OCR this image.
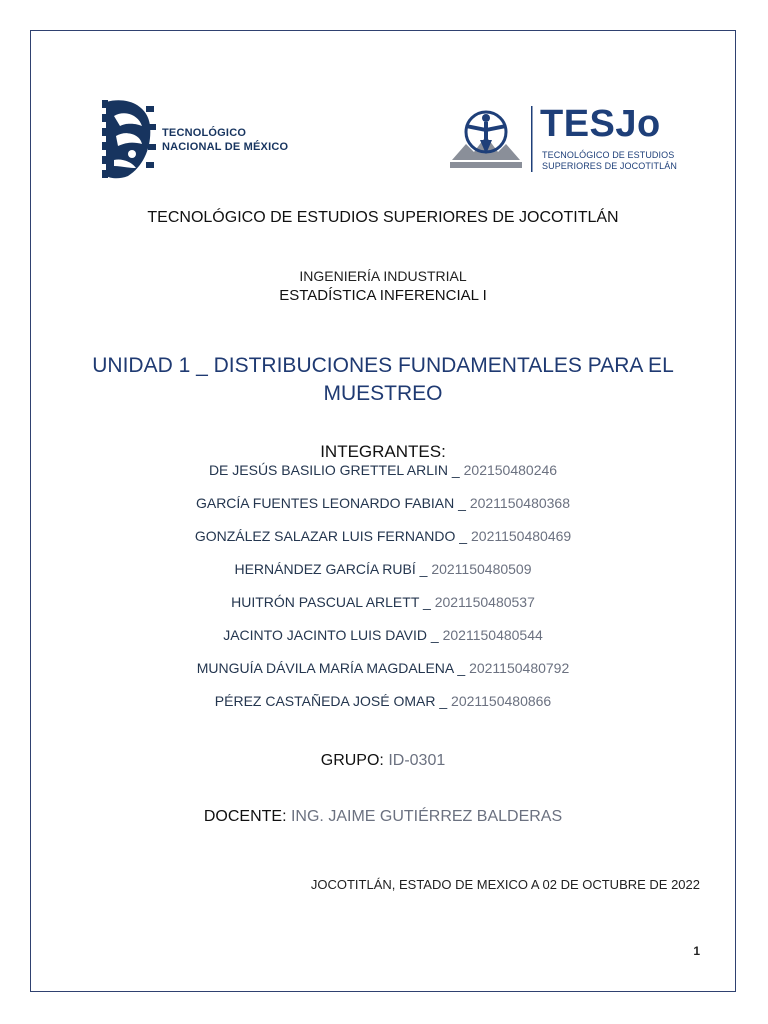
TECNOLÓGICO
NACIONAL DE MÉXICO
TESJo
TECNOLÓGICO DE ESTUDIOS
SUPERIORES DE JOCOTITLÁN
TECNOLÓGICO DE ESTUDIOS SUPERIORES DE JOCOTITLÁN
INGENIERÍA INDUSTRIAL
ESTADÍSTICA INFERENCIAL I
UNIDAD 1 _ DISTRIBUCIONES FUNDAMENTALES PARA EL MUESTREO
INTEGRANTES:
DE JESÚS BASILIO GRETTEL ARLIN _ 202150480246
GARCÍA FUENTES LEONARDO FABIAN _ 2021150480368
GONZÁLEZ SALAZAR LUIS FERNANDO _ 2021150480469
HERNÁNDEZ GARCÍA RUBÍ _ 2021150480509
HUITRÓN PASCUAL ARLETT _ 2021150480537
JACINTO JACINTO LUIS DAVID _ 2021150480544
MUNGUÍA DÁVILA MARÍA MAGDALENA _ 2021150480792
PÉREZ CASTAÑEDA JOSÉ OMAR _ 2021150480866
GRUPO: ID-0301
DOCENTE: ING. JAIME GUTIÉRREZ BALDERAS
JOCOTITLÁN, ESTADO DE MEXICO A 02 DE OCTUBRE DE 2022
1
